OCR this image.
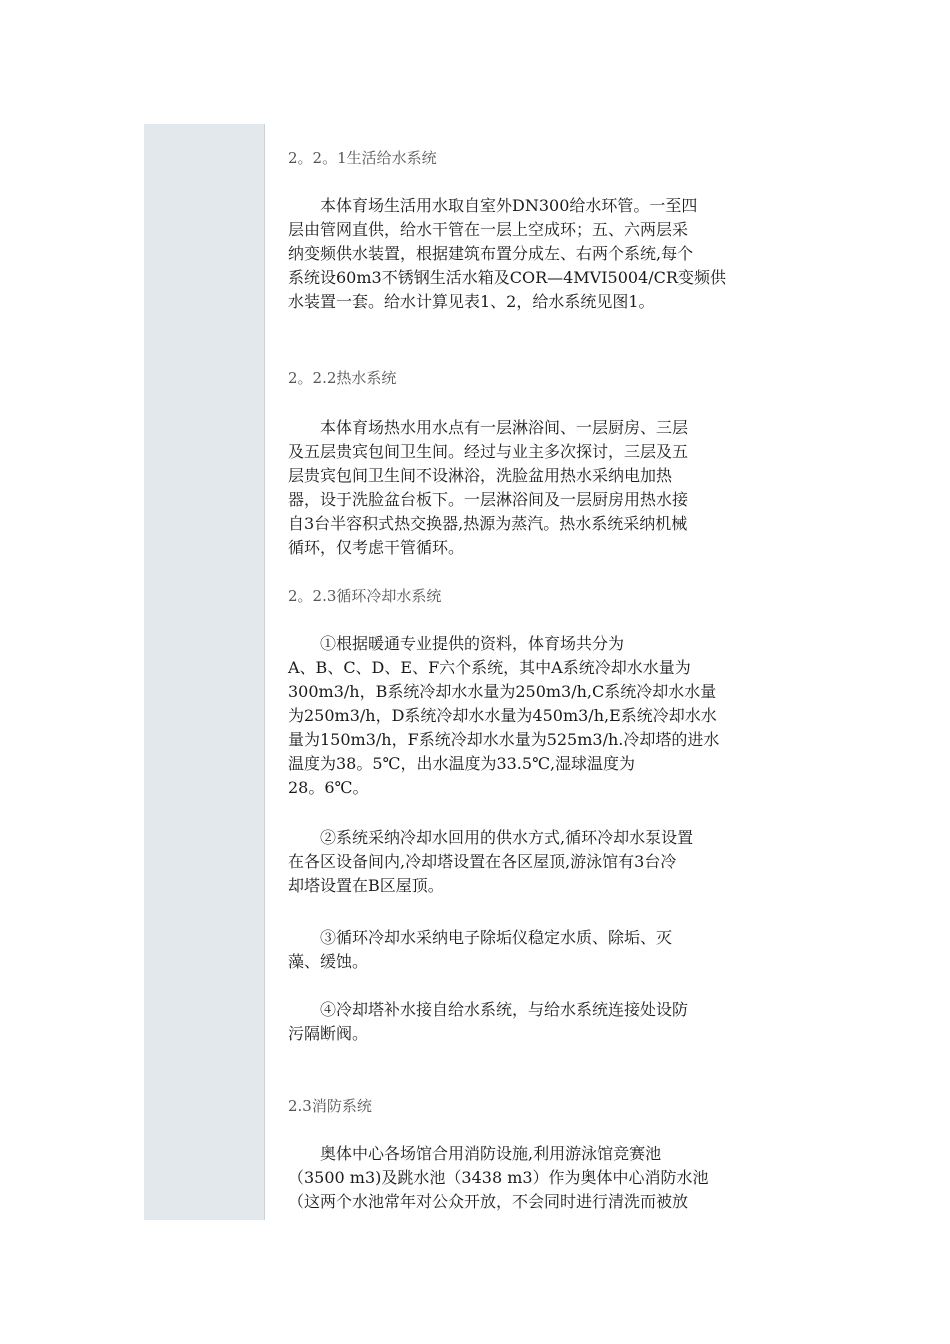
2。2。1生活给水系统

本体育场生活用水取自室外DN300给水环管。一至四
层由管网直供，给水干管在一层上空成环；五、六两层采
纳变频供水装置，根据建筑布置分成左、右两个系统,每个
系统设60m3不锈钢生活水箱及COR—4MVI5004/CR变频供
水装置一套。给水计算见表1、2，给水系统见图1。

2。2.2热水系统

本体育场热水用水点有一层淋浴间、一层厨房、三层
及五层贵宾包间卫生间。经过与业主多次探讨，三层及五
层贵宾包间卫生间不设淋浴，洗脸盆用热水采纳电加热
器，设于洗脸盆台板下。一层淋浴间及一层厨房用热水接
自3台半容积式热交换器,热源为蒸汽。热水系统采纳机械
循环，仅考虑干管循环。

2。2.3循环冷却水系统

①根据暖通专业提供的资料，体育场共分为
A、B、C、D、E、F六个系统，其中A系统冷却水水量为
300m3/h，B系统冷却水水量为250m3/h,C系统冷却水水量
为250m3/h，D系统冷却水水量为450m3/h,E系统冷却水水
量为150m3/h，F系统冷却水水量为525m3/h.冷却塔的进水
温度为38。5℃，出水温度为33.5℃,湿球温度为
28。6℃。
②系统采纳冷却水回用的供水方式,循环冷却水泵设置
在各区设备间内,冷却塔设置在各区屋顶,游泳馆有3台冷
却塔设置在B区屋顶。
③循环冷却水采纳电子除垢仪稳定水质、除垢、灭
藻、缓蚀。
④冷却塔补水接自给水系统，与给水系统连接处设防
污隔断阀。

2.3消防系统

奥体中心各场馆合用消防设施,利用游泳馆竞赛池
（3500 m3)及跳水池（3438 m3）作为奥体中心消防水池
（这两个水池常年对公众开放，不会同时进行清洗而被放
